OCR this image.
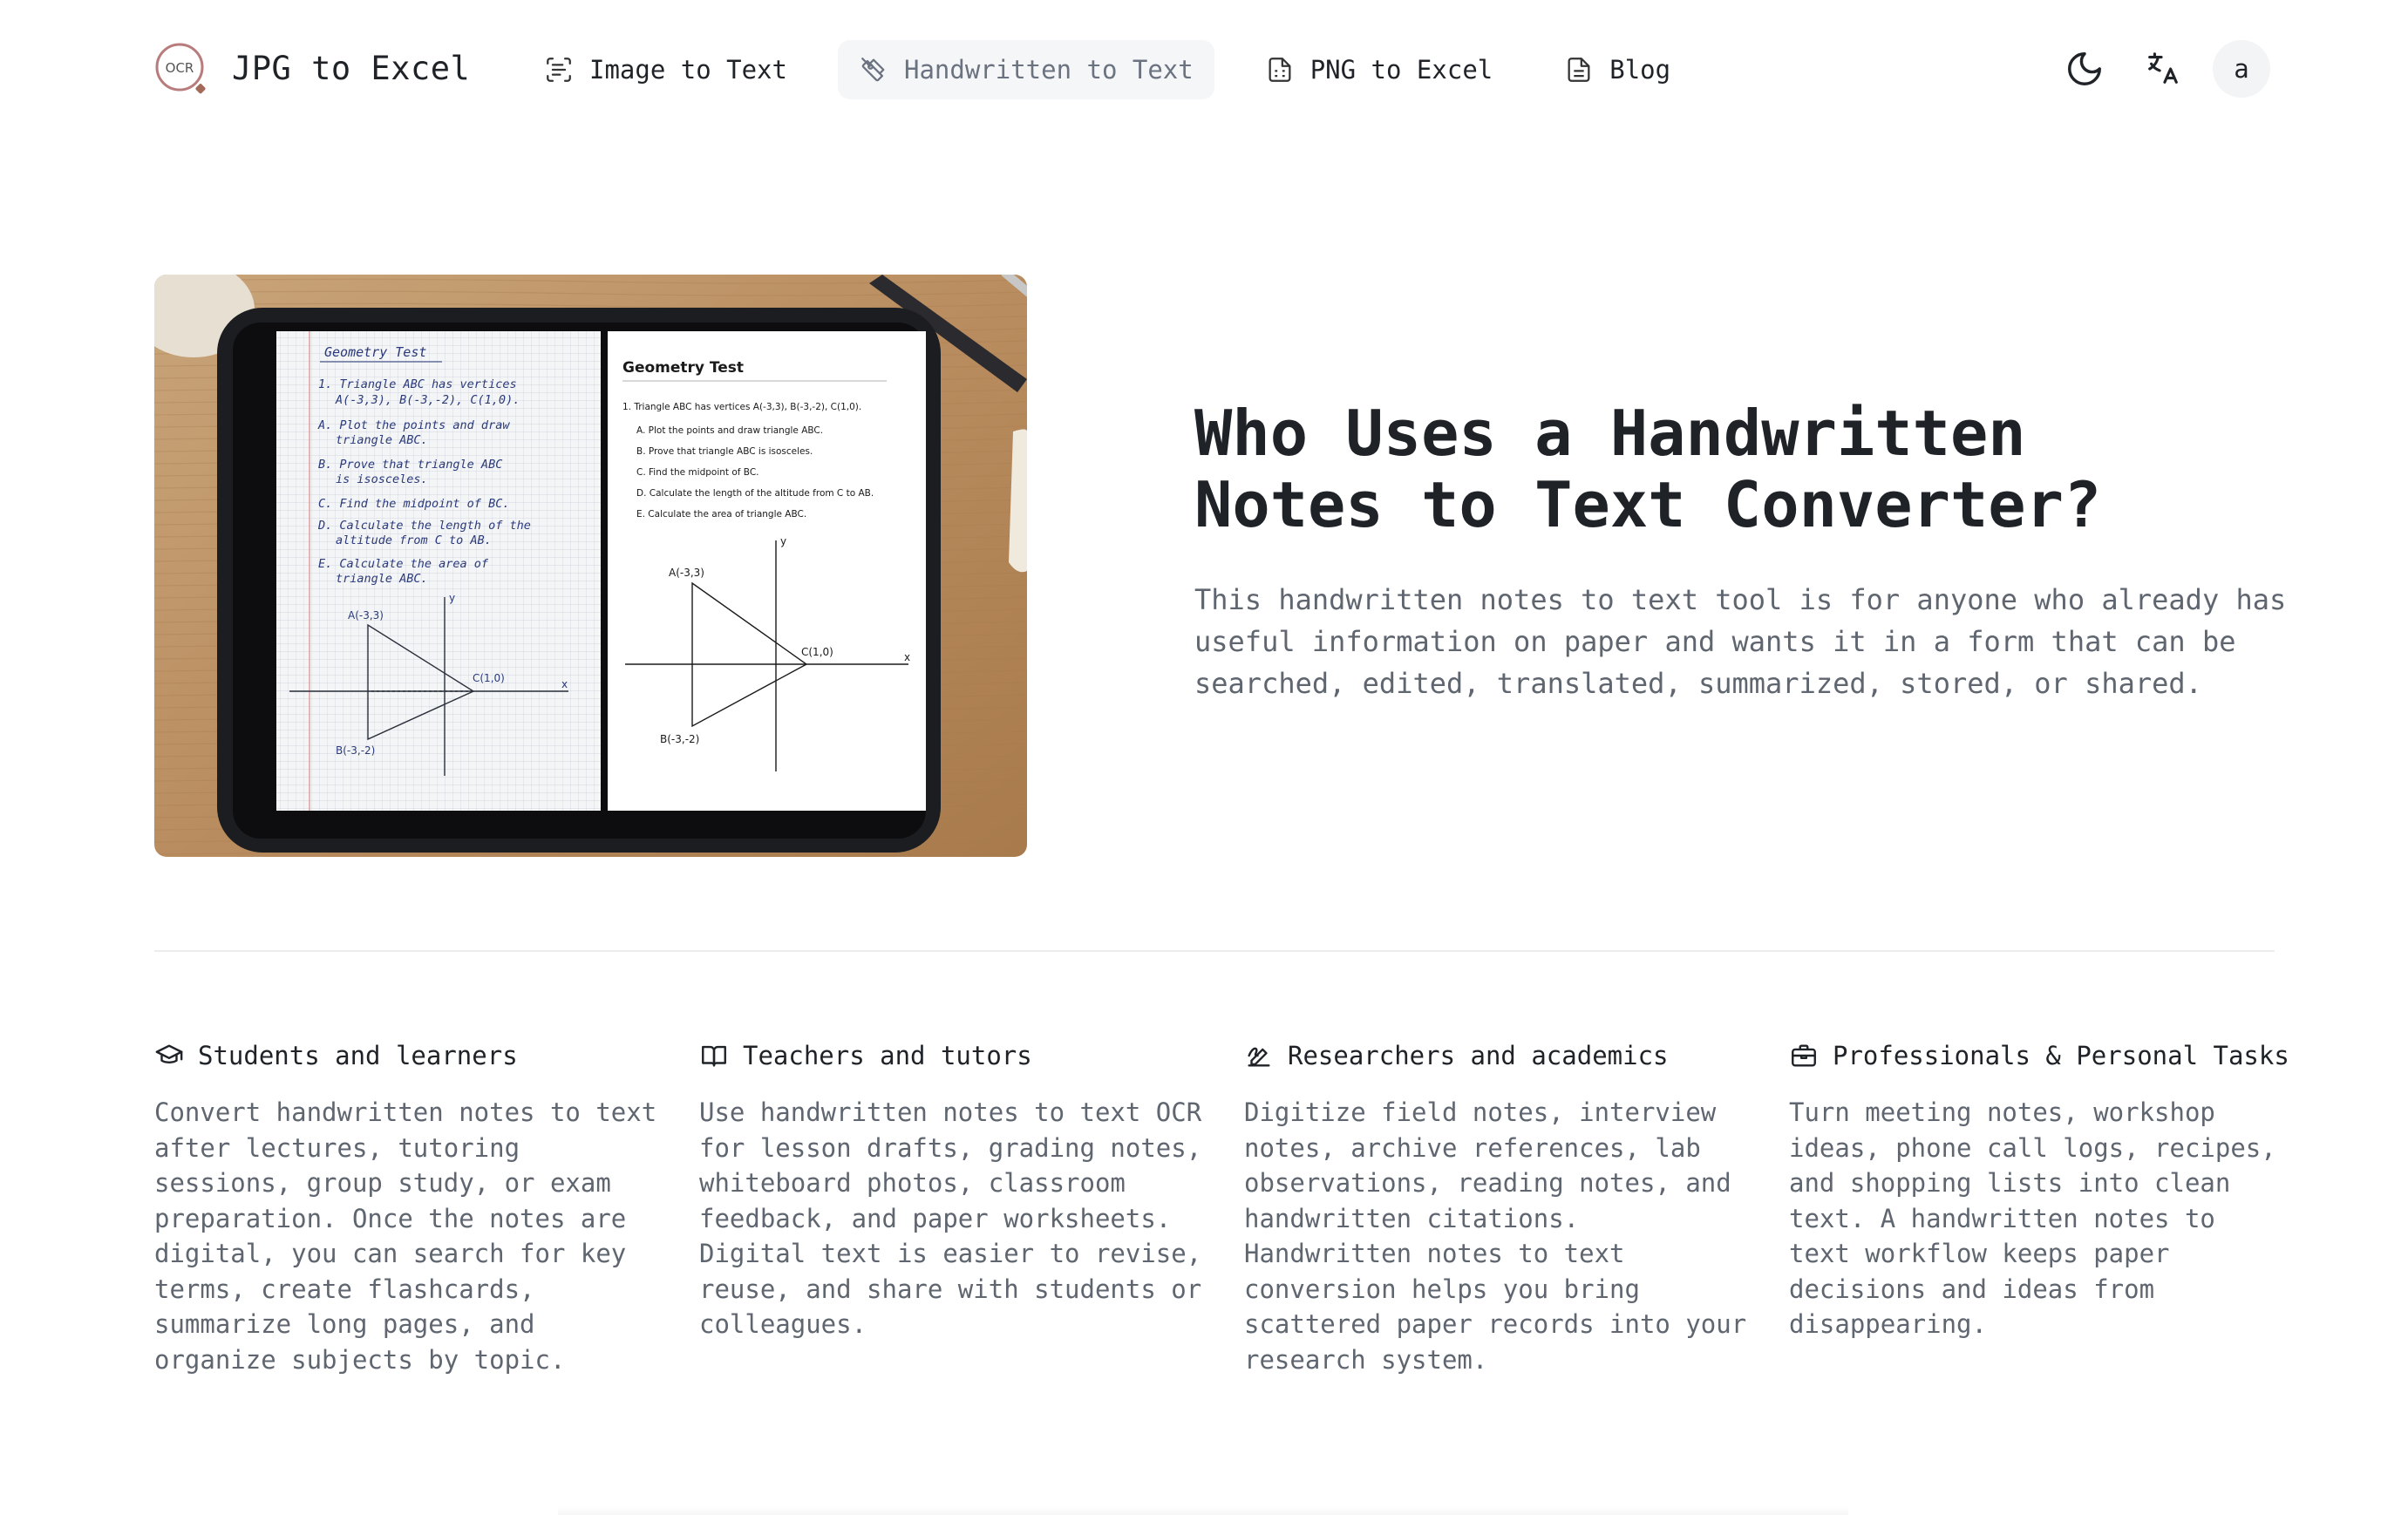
OCR JPG to Excel	Image to Text	Handwritten to Text	PNG to Excel	Blog	a
Geometry Test
1. Triangle ABC has vertices
A(-3,3), B(-3,-2), C(1,0).
A. Plot the points and draw
triangle ABC.
B. Prove that triangle ABC
is isosceles.
C. Find the midpoint of BC.
D. Calculate the length of the
altitude from C to AB.
E. Calculate the area of
triangle ABC.
A(-3,3)
B(-3,-2)
C(1,0)	x
y
Geometry Test
1. Triangle ABC has vertices A(-3,3), B(-3,-2), C(1,0).
A. Plot the points and draw triangle ABC.
B. Prove that triangle ABC is isosceles.
C. Find the midpoint of BC.
D. Calculate the length of the altitude from C to AB.
E. Calculate the area of triangle ABC.
A(-3,3)
B(-3,-2)
C(1,0)	x
y
Who Uses a Handwritten
Notes to Text Converter?

This handwritten notes to text tool is for anyone who already has useful information on paper and wants it in a form that can be searched, edited, translated, summarized, stored, or shared.

Students and learners

Convert handwritten notes to text after lectures, tutoring sessions, group study, or exam preparation. Once the notes are digital, you can search for key terms, create flashcards, summarize long pages, and organize subjects by topic.

Teachers and tutors

Use handwritten notes to text OCR for lesson drafts, grading notes, whiteboard photos, classroom feedback, and paper worksheets. Digital text is easier to revise, reuse, and share with students or colleagues.

Researchers and academics

Digitize field notes, interview notes, archive references, lab observations, reading notes, and handwritten citations. Handwritten notes to text conversion helps you bring scattered paper records into your research system.

Professionals & Personal Tasks

Turn meeting notes, workshop ideas, phone call logs, recipes, and shopping lists into clean text. A handwritten notes to text workflow keeps paper decisions and ideas from disappearing.
